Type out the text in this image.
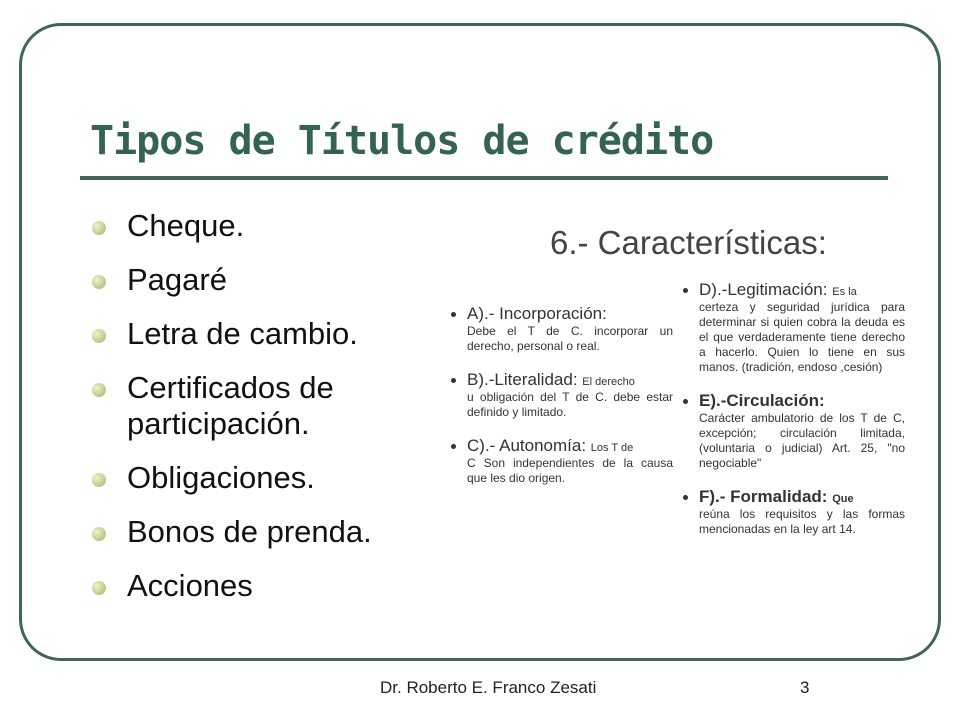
Tipos de Títulos de crédito
Cheque.
Pagaré
Letra de cambio.
Certificados de participación.
Obligaciones.
Bonos de prenda.
Acciones
6.- Características:
A).- Incorporación:
Debe el T de C. incorporar un derecho, personal o real.
B).-Literalidad: El derecho
u obligación del T de C. debe estar definido y limitado.
C).- Autonomía: Los T de
C Son independientes de la causa que les dio origen.
D).-Legitimación: Es la
certeza y seguridad jurídica para determinar si quien cobra la deuda es el que verdaderamente tiene derecho a hacerlo. Quien lo tiene en sus manos. (tradición, endoso ,cesión)
E).-Circulación:
Carácter ambulatorio de los T de C, excepción; circulación limitada, (voluntaria o judicial) Art. 25, "no negociable"
F).- Formalidad: Que
reúna los requisitos y las formas mencionadas en la ley art 14.
Dr. Roberto E. Franco Zesati	3
